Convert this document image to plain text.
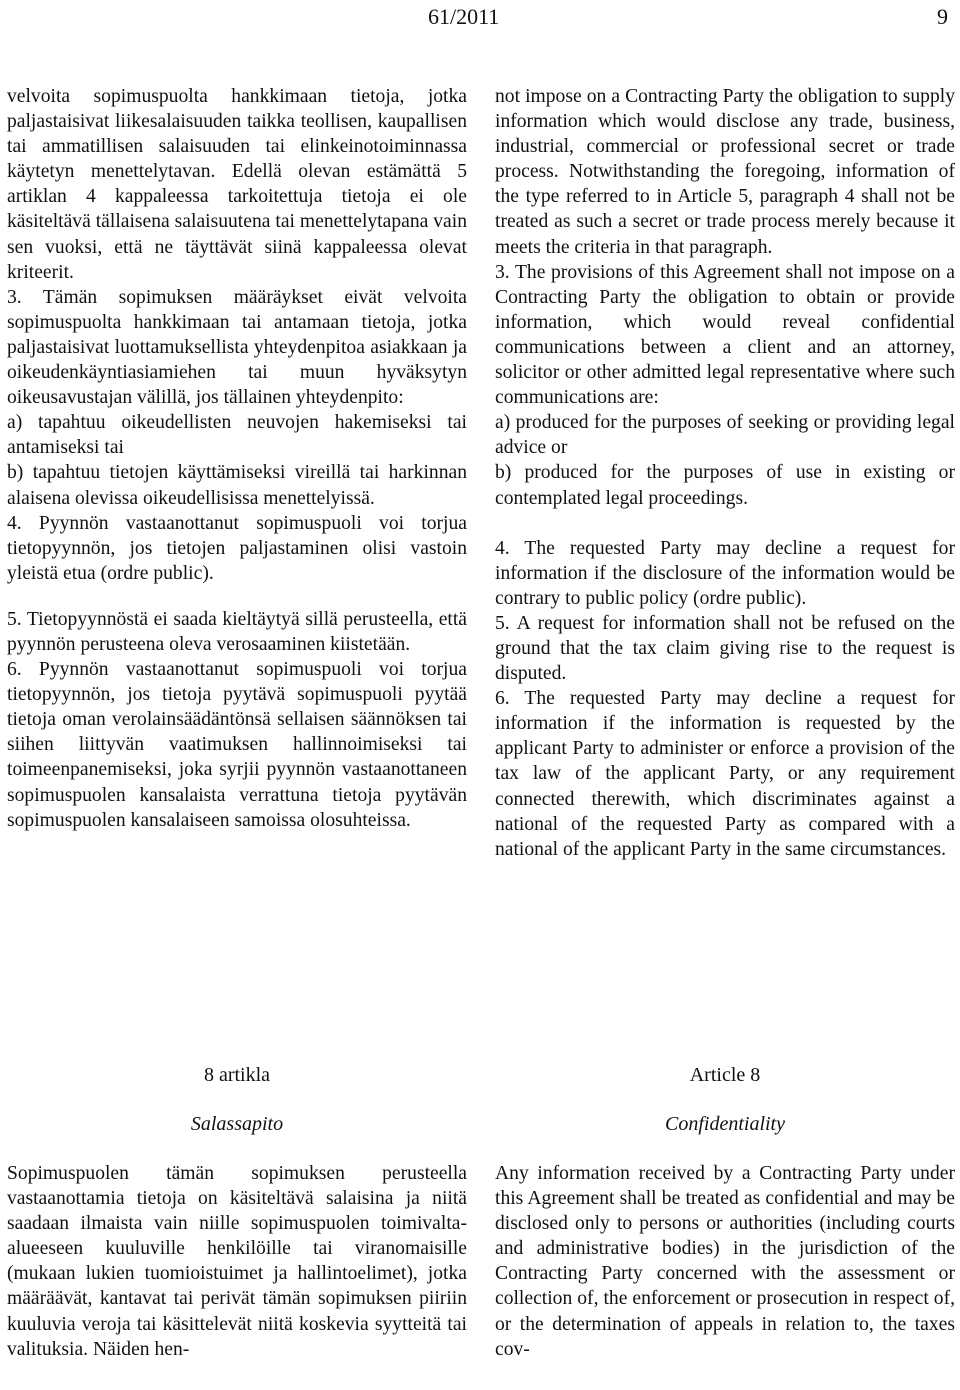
61/2011	9

velvoita sopimuspuolta hankkimaan tietoja, jotka paljastaisivat liikesalaisuuden taikka teollisen, kaupallisen tai ammatillisen salaisuuden tai elinkeinotoiminnassa käytetyn menettelytavan. Edellä olevan estämättä 5 artiklan 4 kappaleessa tarkoitettuja tietoja ei ole käsiteltävä tällaisena salaisuutena tai menettelytapana vain sen vuoksi, että ne täyttävät siinä kappaleessa olevat kriteerit.

3. Tämän sopimuksen määräykset eivät velvoita sopimuspuolta hankkimaan tai antamaan tietoja, jotka paljastaisivat luottamuksellista yhteydenpitoa asiakkaan ja oikeudenkäyntiasiamiehen tai muun hyväksytyn oikeusavustajan välillä, jos tällainen yhteydenpito:

a) tapahtuu oikeudellisten neuvojen hakemiseksi tai antamiseksi tai

b) tapahtuu tietojen käyttämiseksi vireillä tai harkinnan alaisena olevissa oikeudellisissa menettelyissä.

4. Pyynnön vastaanottanut sopimuspuoli voi torjua tietopyynnön, jos tietojen paljastaminen olisi vastoin yleistä etua (ordre public).

5. Tietopyynnöstä ei saada kieltäytyä sillä perusteella, että pyynnön perusteena oleva verosaaminen kiistetään.

6. Pyynnön vastaanottanut sopimuspuoli voi torjua tietopyynnön, jos tietoja pyytävä sopimuspuoli pyytää tietoja oman verolainsäädäntönsä sellaisen säännöksen tai siihen liittyvän vaatimuksen hallinnoimiseksi tai toimeenpanemiseksi, joka syrjii pyynnön vastaanottaneen sopimuspuolen kansalaista verrattuna tietoja pyytävän sopimuspuolen kansalaiseen samoissa olosuhteissa.

not impose on a Contracting Party the obligation to supply information which would disclose any trade, business, industrial, commercial or professional secret or trade process. Notwithstanding the foregoing, information of the type referred to in Article 5, paragraph 4 shall not be treated as such a secret or trade process merely because it meets the criteria in that paragraph.

3. The provisions of this Agreement shall not impose on a Contracting Party the obligation to obtain or provide information, which would reveal confidential communications between a client and an attorney, solicitor or other admitted legal representative where such communications are:

a) produced for the purposes of seeking or providing legal advice or

b) produced for the purposes of use in existing or contemplated legal proceedings.

4. The requested Party may decline a request for information if the disclosure of the information would be contrary to public policy (ordre public).

5. A request for information shall not be refused on the ground that the tax claim giving rise to the request is disputed.

6. The requested Party may decline a request for information if the information is requested by the applicant Party to administer or enforce a provision of the tax law of the applicant Party, or any requirement connected therewith, which discriminates against a national of the requested Party as compared with a national of the applicant Party in the same circumstances.

8 artikla
Salassapito

Sopimuspuolen tämän sopimuksen perusteella vastaanottamia tietoja on käsiteltävä salaisina ja niitä saadaan ilmaista vain niille sopimuspuolen toimivalta-alueeseen kuuluville henkilöille tai viranomaisille (mukaan lukien tuomioistuimet ja hallintoelimet), jotka määräävät, kantavat tai perivät tämän sopimuksen piiriin kuuluvia veroja tai käsittelevät niitä koskevia syytteitä tai valituksia. Näiden hen-

Article 8
Confidentiality

Any information received by a Contracting Party under this Agreement shall be treated as confidential and may be disclosed only to persons or authorities (including courts and administrative bodies) in the jurisdiction of the Contracting Party concerned with the assessment or collection of, the enforcement or prosecution in respect of, or the determination of appeals in relation to, the taxes cov-
